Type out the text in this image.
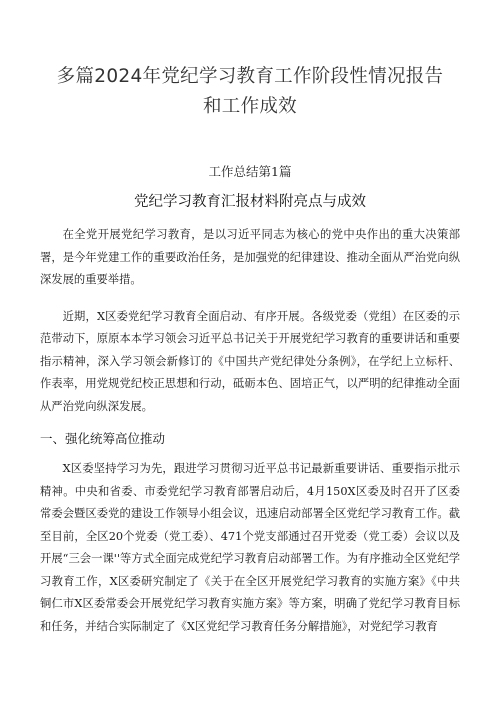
多篇2024年党纪学习教育工作阶段性情况报告和工作成效
工作总结第1篇
党纪学习教育汇报材料附亮点与成效

在全党开展党纪学习教育，是以习近平同志为核心的党中央作出的重大决策部署，是今年党建工作的重要政治任务，是加强党的纪律建设、推动全面从严治党向纵深发展的重要举措。

近期，X区委党纪学习教育全面启动、有序开展。各级党委（党组）在区委的示范带动下，原原本本学习领会习近平总书记关于开展党纪学习教育的重要讲话和重要指示精神，深入学习领会新修订的《中国共产党纪律处分条例》，在学纪上立标杆、作表率，用党规党纪校正思想和行动，砥砺本色、固培正气，以严明的纪律推动全面从严治党向纵深发展。

一、强化统筹高位推动

X区委坚持学习为先，跟进学习贯彻习近平总书记最新重要讲话、重要指示批示精神。中央和省委、市委党纪学习教育部署启动后，4月150X区委及时召开了区委常委会暨区委党的建设工作领导小组会议，迅速启动部署全区党纪学习教育工作。截至目前，全区20个党委（党工委）、471个党支部通过召开党委（党工委）会议以及开展“三会一课''等方式全面完成党纪学习教育启动部署工作。为有序推动全区党纪学习教育工作，X区委研究制定了《关于在全区开展党纪学习教育的实施方案》《中共铜仁市X区委常委会开展党纪学习教育实施方案》等方案，明确了党纪学习教育目标和任务，并结合实际制定了《X区党纪学习教育任务分解措施》，对党纪学习教育
